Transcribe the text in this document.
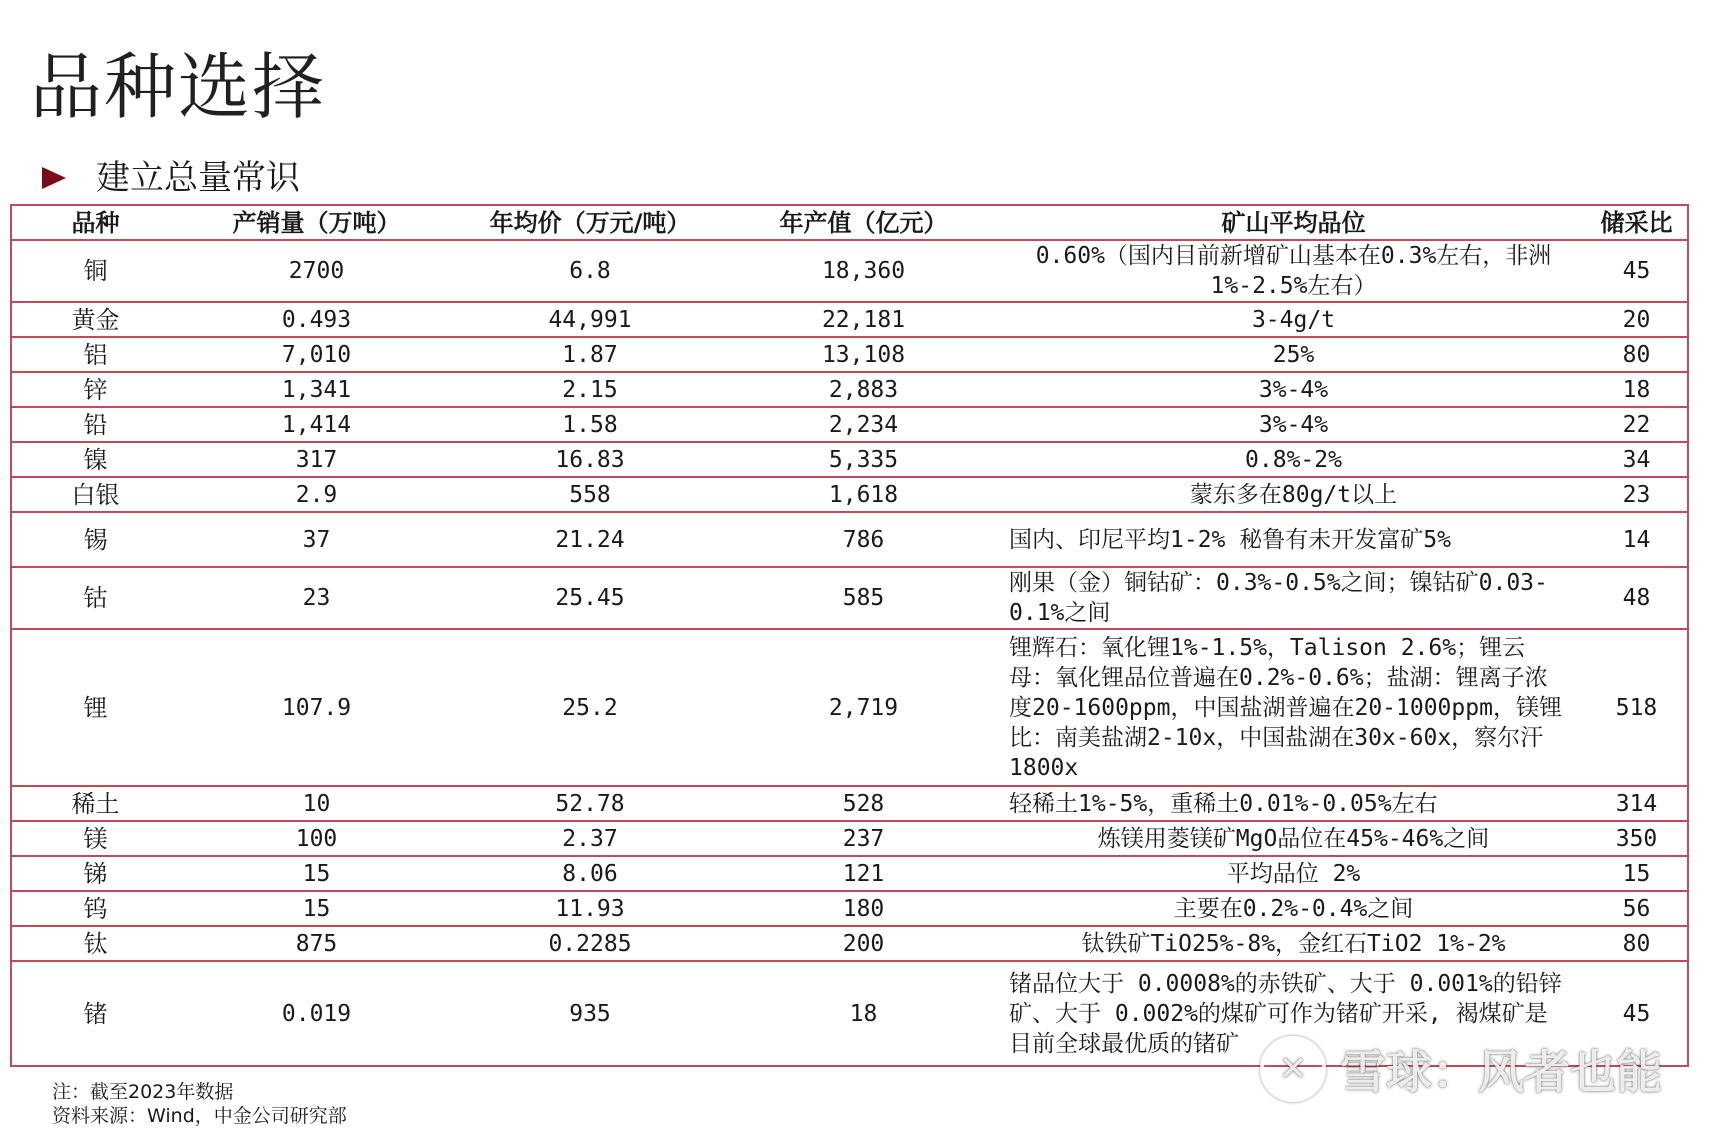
品种选择
建立总量常识
品种	产销量（万吨）	年均价（万元/吨）	年产值（亿元）	矿山平均品位	储采比
铜	2700	6.8	18,360	0.60%（国内目前新增矿山基本在0.3%左右，非洲1%-2.5%左右）	45
黄金	0.493	44,991	22,181	3-4g/t	20
铝	7,010	1.87	13,108	25%	80
锌	1,341	2.15	2,883	3%-4%	18
铅	1,414	1.58	2,234	3%-4%	22
镍	317	16.83	5,335	0.8%-2%	34
白银	2.9	558	1,618	蒙东多在80g/t以上	23
锡	37	21.24	786	国内、印尼平均1-2% 秘鲁有未开发富矿5%	14
钴	23	25.45	585	刚果（金）铜钴矿：0.3%-0.5%之间；镍钴矿0.03-0.1%之间	48
锂	107.9	25.2	2,719	锂辉石：氧化锂1%-1.5%，Talison 2.6%；锂云母：氧化锂品位普遍在0.2%-0.6%；盐湖：锂离子浓度20-1600ppm，中国盐湖普遍在20-1000ppm，镁锂比：南美盐湖2-10x，中国盐湖在30x-60x，察尔汗1800x	518
稀土	10	52.78	528	轻稀土1%-5%，重稀土0.01%-0.05%左右	314
镁	100	2.37	237	炼镁用菱镁矿MgO品位在45%-46%之间	350
锑	15	8.06	121	平均品位 2%	15
钨	15	11.93	180	主要在0.2%-0.4%之间	56
钛	875	0.2285	200	钛铁矿TiO25%-8%，金红石TiO2 1%-2%	80
锗	0.019	935	18	锗品位大于 0.0008%的赤铁矿、大于 0.001%的铅锌矿、大于 0.002%的煤矿可作为锗矿开采, 褐煤矿是目前全球最优质的锗矿	45
注：截至2023年数据
资料来源：Wind，中金公司研究部
✕ 雪球：风者也能
